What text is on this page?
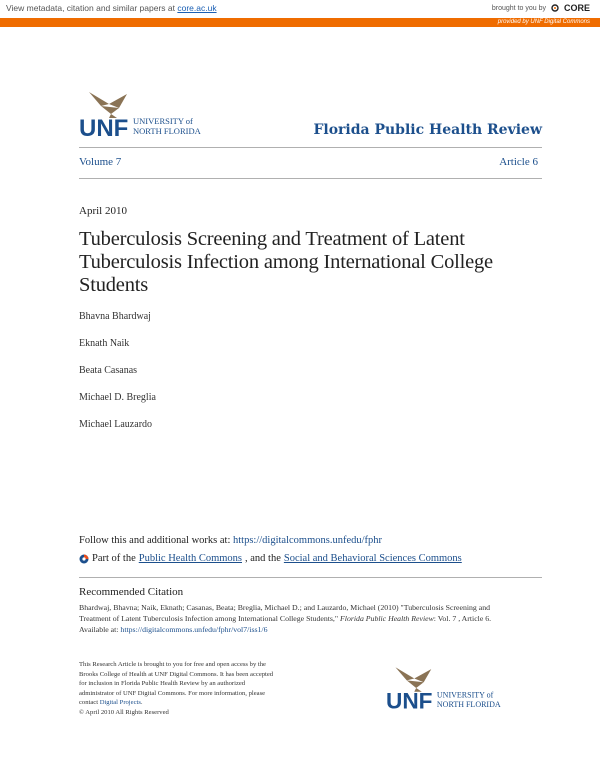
View metadata, citation and similar papers at core.ac.uk	brought to you by CORE
provided by UNF Digital Commons
UNF UNIVERSITY of
NORTH FLORIDA	Florida Public Health Review
Volume 7	Article 6
April 2010
Tuberculosis Screening and Treatment of Latent Tuberculosis Infection among International College Students
Bhavna Bhardwaj
Eknath Naik
Beata Casanas
Michael D. Breglia
Michael Lauzardo
Follow this and additional works at: https://digitalcommons.unfedu/fphr
Part of the Public Health Commons , and the Social and Behavioral Sciences Commons
Recommended Citation
Bhardwaj, Bhavna; Naik, Eknath; Casanas, Beata; Breglia, Michael D.; and Lauzardo, Michael (2010) "Tuberculosis Screening and
Treatment of Latent Tuberculosis Infection among International College Students," Florida Public Health Review: Vol. 7 , Article 6.
Available at: https://digitalcommons.unfedu/fphr/vol7/iss1/6
This Research Article is brought to you for free and open access by the
Brooks College of Health at UNF Digital Commons. It has been accepted
for inclusion in Florida Public Health Review by an authorized
administrator of UNF Digital Commons. For more information, please
contact Digital Projects.
© April 2010 All Rights Reserved	UNF UNIVERSITY of
NORTH FLORIDA
